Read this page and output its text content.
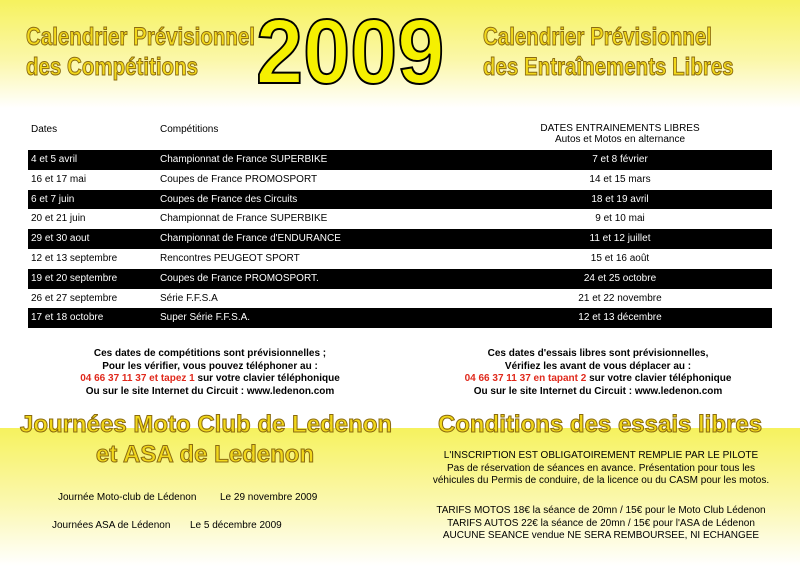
Calendrier Prévisionnel
des Compétitions 2009 Calendrier Prévisionnel
des Entraînements Libres
Dates	Compétitions	DATES ENTRAINEMENTS LIBRES
Autos et Motos en alternance
4 et 5 avril	Championnat de France SUPERBIKE	7 et 8 février
16 et 17 mai	Coupes de France PROMOSPORT	14 et 15 mars
6 et 7 juin	Coupes de France des Circuits	18 et 19 avril
20 et 21 juin	Championnat de France SUPERBIKE	9 et 10 mai
29 et 30 aout	Championnat de France d'ENDURANCE	11 et 12 juillet
12 et 13 septembre	Rencontres PEUGEOT SPORT	15 et 16 août
19 et 20 septembre	Coupes de France PROMOSPORT.	24 et 25 octobre
26 et 27 septembre	Série F.F.S.A	21 et 22 novembre
17 et 18 octobre	Super Série F.F.S.A.	12 et 13 décembre
Ces dates de compétitions sont prévisionnelles ;
Pour les vérifier, vous pouvez téléphoner au :
04 66 37 11 37 et tapez 1 sur votre clavier téléphonique
Ou sur le site Internet du Circuit : www.ledenon.com
Ces dates d'essais libres sont prévisionnelles,
Vérifiez les avant de vous déplacer au :
04 66 37 11 37 en tapant 2 sur votre clavier téléphonique
Ou sur le site Internet du Circuit : www.ledenon.com
Journées Moto Club de Ledenon
et ASA de Ledenon
Conditions des essais libres
Journée Moto-club de Lédenon Le 29 novembre 2009
Journées ASA de Lédenon Le 5 décembre 2009
L'INSCRIPTION EST OBLIGATOIREMENT REMPLIE PAR LE PILOTE
Pas de réservation de séances en avance. Présentation pour tous les
véhicules du Permis de conduire, de la licence ou du CASM pour les motos.
TARIFS MOTOS 18€ la séance de 20mn / 15€ pour le Moto Club Lédenon
TARIFS AUTOS 22€ la séance de 20mn / 15€ pour l'ASA de Lédenon
AUCUNE SEANCE vendue NE SERA REMBOURSEE, NI ECHANGEE
